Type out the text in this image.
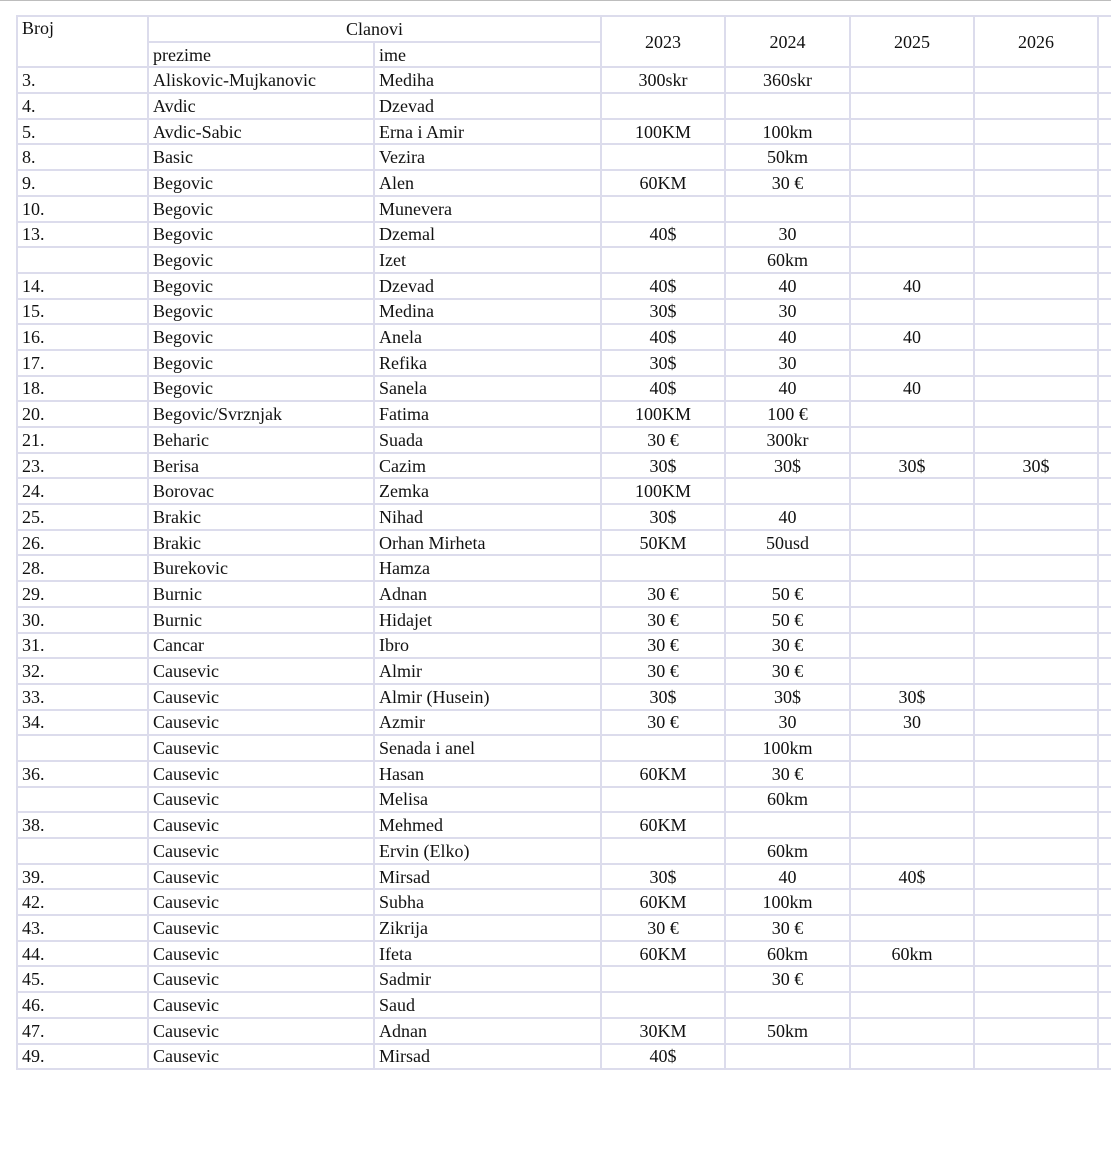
Broj	Clanovi		2023	2024	2025	2026	
	prezime	ime					
3.	Aliskovic-Mujkanovic	Mediha	300skr	360skr			
4.	Avdic	Dzevad					
5.	Avdic-Sabic	Erna i Amir	100KM	100km			
8.	Basic	Vezira		50km			
9.	Begovic	Alen	60KM	30 €			
10.	Begovic	Munevera					
13.	Begovic	Dzemal	40$	30			
	Begovic	Izet		60km			
14.	Begovic	Dzevad	40$	40	40		
15.	Begovic	Medina	30$	30			
16.	Begovic	Anela	40$	40	40		
17.	Begovic	Refika	30$	30			
18.	Begovic	Sanela	40$	40	40		
20.	Begovic/Svrznjak	Fatima	100KM	100 €			
21.	Beharic	Suada	30 €	300kr			
23.	Berisa	Cazim	30$	30$	30$	30$	
24.	Borovac	Zemka	100KM				
25.	Brakic	Nihad	30$	40			
26.	Brakic	Orhan Mirheta	50KM	50usd			
28.	Burekovic	Hamza					
29.	Burnic	Adnan	30 €	50 €			
30.	Burnic	Hidajet	30 €	50 €			
31.	Cancar	Ibro	30 €	30 €			
32.	Causevic	Almir	30 €	30 €			
33.	Causevic	Almir (Husein)	30$	30$	30$		
34.	Causevic	Azmir	30 €	30	30		
	Causevic	Senada i anel		100km			
36.	Causevic	Hasan	60KM	30 €			
	Causevic	Melisa		60km			
38.	Causevic	Mehmed	60KM				
	Causevic	Ervin (Elko)		60km			
39.	Causevic	Mirsad	30$	40	40$		
42.	Causevic	Subha	60KM	100km			
43.	Causevic	Zikrija	30 €	30 €			
44.	Causevic	Ifeta	60KM	60km	60km		
45.	Causevic	Sadmir		30 €			
46.	Causevic	Saud					
47.	Causevic	Adnan	30KM	50km			
49.	Causevic	Mirsad	40$				
